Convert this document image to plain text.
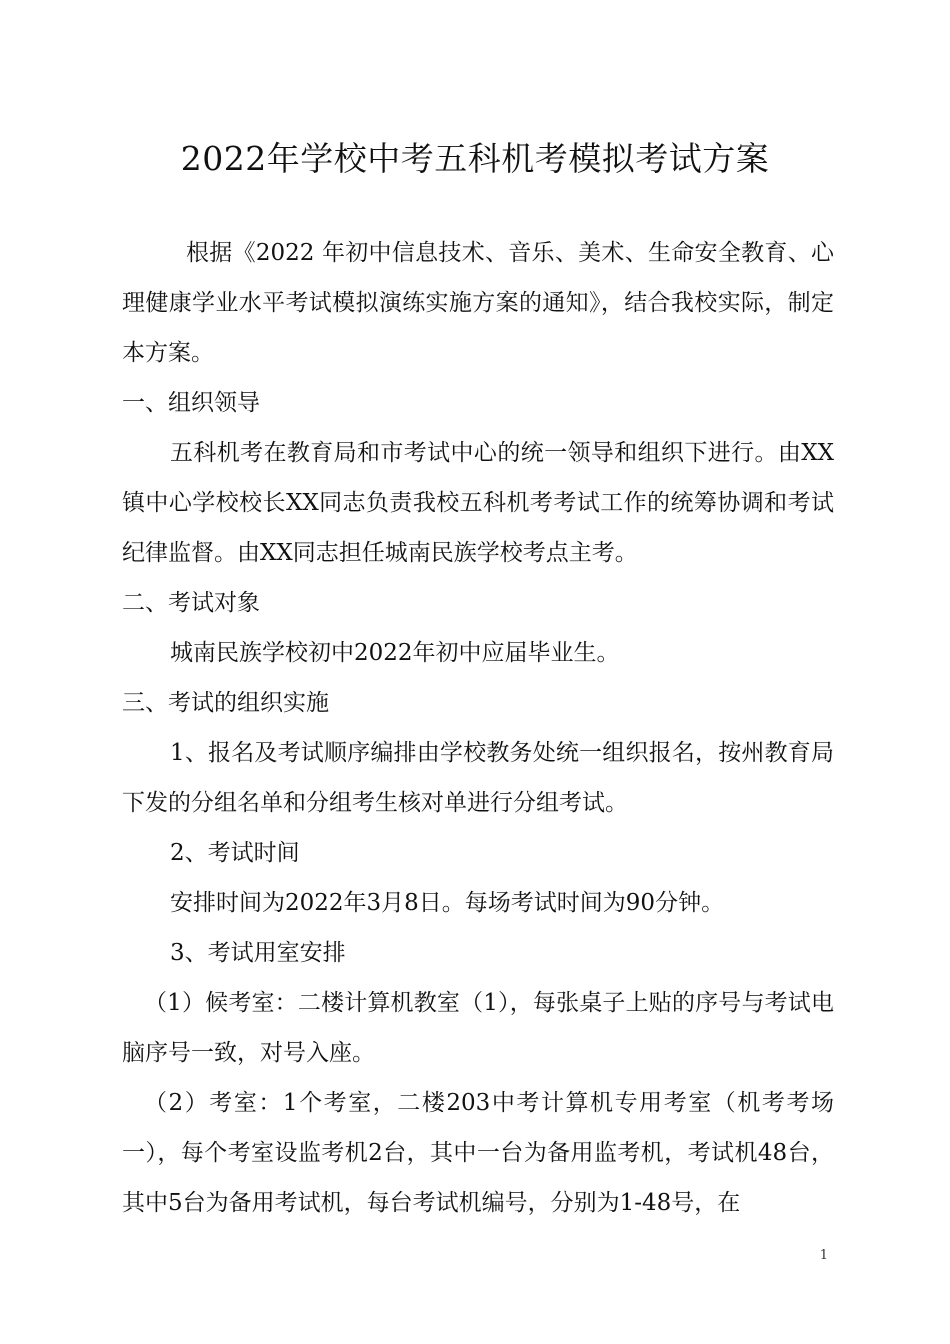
2022年学校中考五科机考模拟考试方案

根据《2022 年初中信息技术、音乐、美术、生命安全教育、心理健康学业水平考试模拟演练实施方案的通知》，结合我校实际，制定本方案。

一、组织领导

五科机考在教育局和市考试中心的统一领导和组织下进行。由XX镇中心学校校长XX同志负责我校五科机考考试工作的统筹协调和考试纪律监督。由XX同志担任城南民族学校考点主考。

二、考试对象

城南民族学校初中2022年初中应届毕业生。

三、考试的组织实施

1、报名及考试顺序编排由学校教务处统一组织报名，按州教育局下发的分组名单和分组考生核对单进行分组考试。

2、考试时间

安排时间为2022年3月8日。每场考试时间为90分钟。

3、考试用室安排

（1）候考室：二楼计算机教室（1），每张桌子上贴的序号与考试电脑序号一致，对号入座。

（2）考室：1个考室，二楼203中考计算机专用考室（机考考场一），每个考室设监考机2台，其中一台为备用监考机，考试机48台，其中5台为备用考试机，每台考试机编号，分别为1-48号，在

1
